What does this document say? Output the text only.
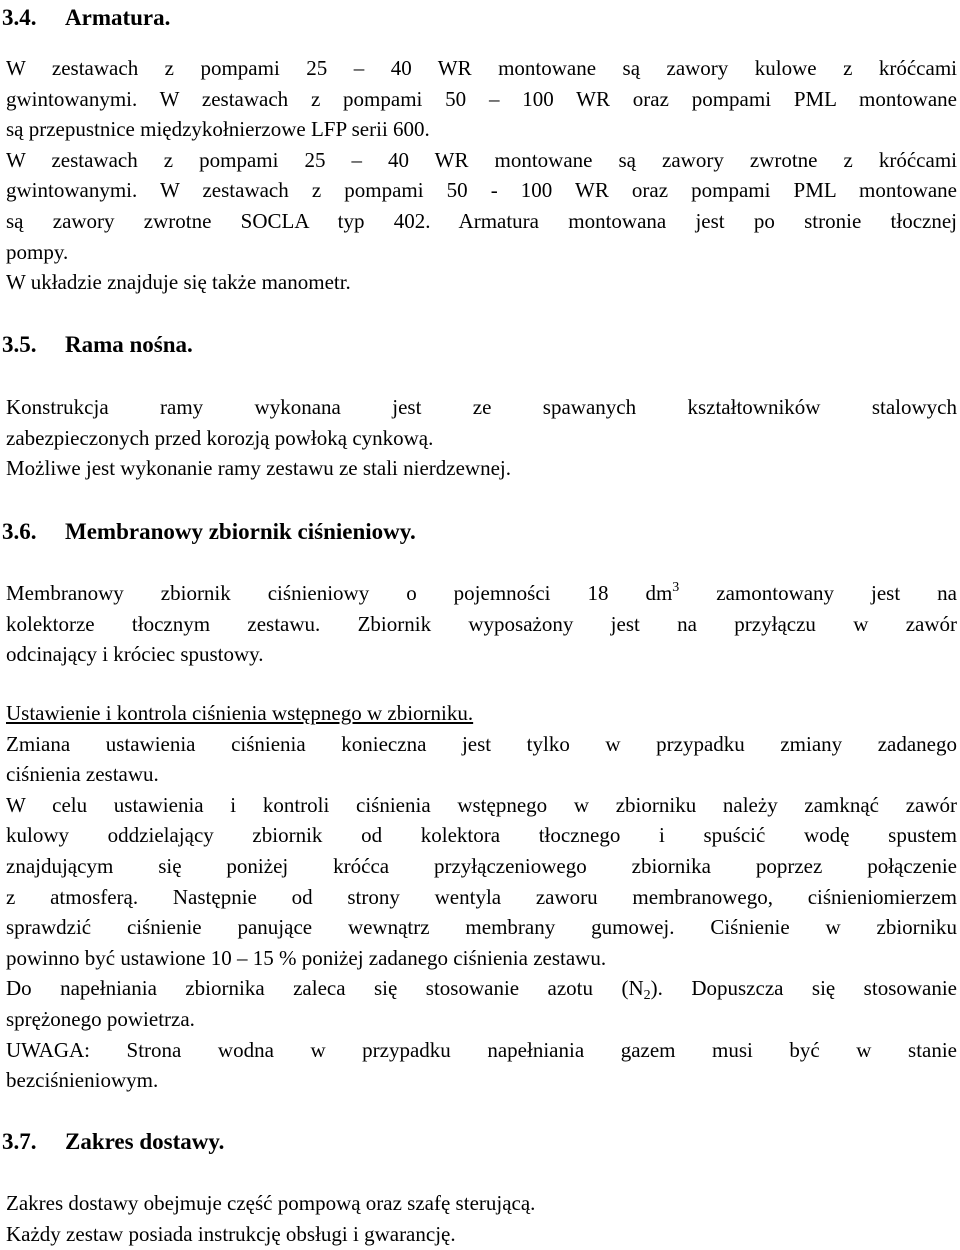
3.4. Armatura.
W zestawach z pompami 25 – 40 WR montowane są zawory kulowe z króćcami
gwintowanymi. W zestawach z pompami 50 – 100 WR oraz pompami PML montowane
są przepustnice międzykołnierzowe LFP serii 600.
W zestawach z pompami 25 – 40 WR montowane są zawory zwrotne z króćcami
gwintowanymi. W zestawach z pompami 50 - 100 WR oraz pompami PML montowane
są zawory zwrotne SOCLA typ 402. Armatura montowana jest po stronie tłocznej
pompy.
W układzie znajduje się także manometr.
3.5. Rama nośna.
Konstrukcja ramy wykonana jest ze spawanych kształtowników stalowych
zabezpieczonych przed korozją powłoką cynkową.
Możliwe jest wykonanie ramy zestawu ze stali nierdzewnej.
3.6. Membranowy zbiornik ciśnieniowy.
Membranowy zbiornik ciśnieniowy o pojemności 18 $dm^3$ zamontowany jest na
kolektorze tłocznym zestawu. Zbiornik wyposażony jest na przyłączu w zawór
odcinający i króciec spustowy.
Ustawienie i kontrola ciśnienia wstępnego w zbiorniku.
Zmiana ustawienia ciśnienia konieczna jest tylko w przypadku zmiany zadanego
ciśnienia zestawu.
W celu ustawienia i kontroli ciśnienia wstępnego w zbiorniku należy zamknąć zawór
kulowy oddzielający zbiornik od kolektora tłocznego i spuścić wodę spustem
znajdującym się poniżej króćca przyłączeniowego zbiornika poprzez połączenie
z atmosferą. Następnie od strony wentyla zaworu membranowego, ciśnieniomierzem
sprawdzić ciśnienie panujące wewnątrz membrany gumowej. Ciśnienie w zbiorniku
powinno być ustawione 10 – 15 % poniżej zadanego ciśnienia zestawu.
Do napełniania zbiornika zaleca się stosowanie azotu $(N_2)$. Dopuszcza się stosowanie
sprężonego powietrza.
UWAGA: Strona wodna w przypadku napełniania gazem musi być w stanie
bezciśnieniowym.
3.7. Zakres dostawy.
Zakres dostawy obejmuje część pompową oraz szafę sterującą.
Każdy zestaw posiada instrukcję obsługi i gwarancję.
